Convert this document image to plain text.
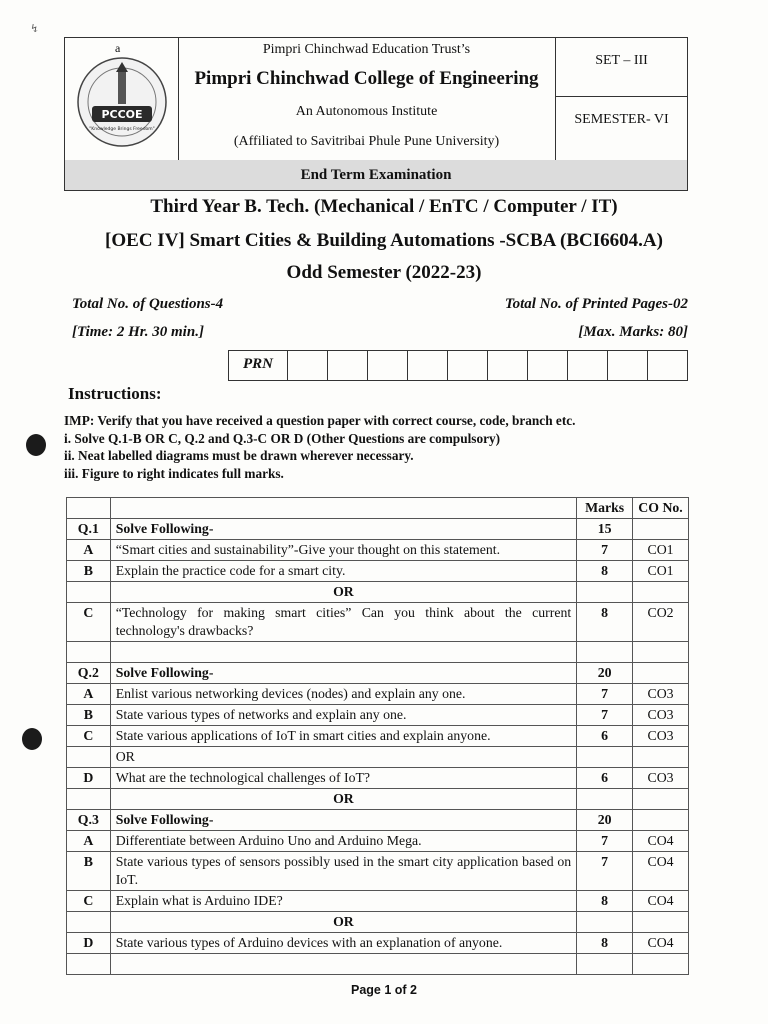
↯
End Term Examination
a	Pimpri Chinchwad Education Trust’s
Pimpri Chinchwad College of Engineering
An Autonomous Institute
(Affiliated to Savitribai Phule Pune University)
SET – III
SEMESTER- VI
PCCOE
"Knowledge Brings Freedom"
Third Year B. Tech. (Mechanical / EnTC / Computer / IT)
[OEC IV] Smart Cities & Building Automations -SCBA (BCI6604.A)
Odd Semester (2022-23)
Total No. of Questions-4	Total No. of Printed Pages-02
[Time: 2 Hr. 30 min.]	[Max. Marks: 80]
PRN
Instructions:
IMP: Verify that you have received a question paper with correct course, code, branch etc.
i. Solve Q.1-B OR C, Q.2 and Q.3-C OR D (Other Questions are compulsory)
ii. Neat labelled diagrams must be drawn wherever necessary.
iii. Figure to right indicates full marks.
		Marks	CO No.
Q.1	Solve Following-	15	
A	“Smart cities and sustainability”-Give your thought on this statement.	7	CO1
B	Explain the practice code for a smart city.	8	CO1
	OR		
C	“Technology for making smart cities” Can you think about the current technology's drawbacks?	8	CO2

Q.2	Solve Following-	20	
A	Enlist various networking devices (nodes) and explain any one.	7	CO3
B	State various types of networks and explain any one.	7	CO3
C	State various applications of IoT in smart cities and explain anyone.	6	CO3
	OR		
D	What are the technological challenges of IoT?	6	CO3
	OR		
Q.3	Solve Following-	20	
A	Differentiate between Arduino Uno and Arduino Mega.	7	CO4
B	State various types of sensors possibly used in the smart city application based on IoT.	7	CO4
C	Explain what is Arduino IDE?	8	CO4
	OR		
D	State various types of Arduino devices with an explanation of anyone.	8	CO4

Page 1 of 2
